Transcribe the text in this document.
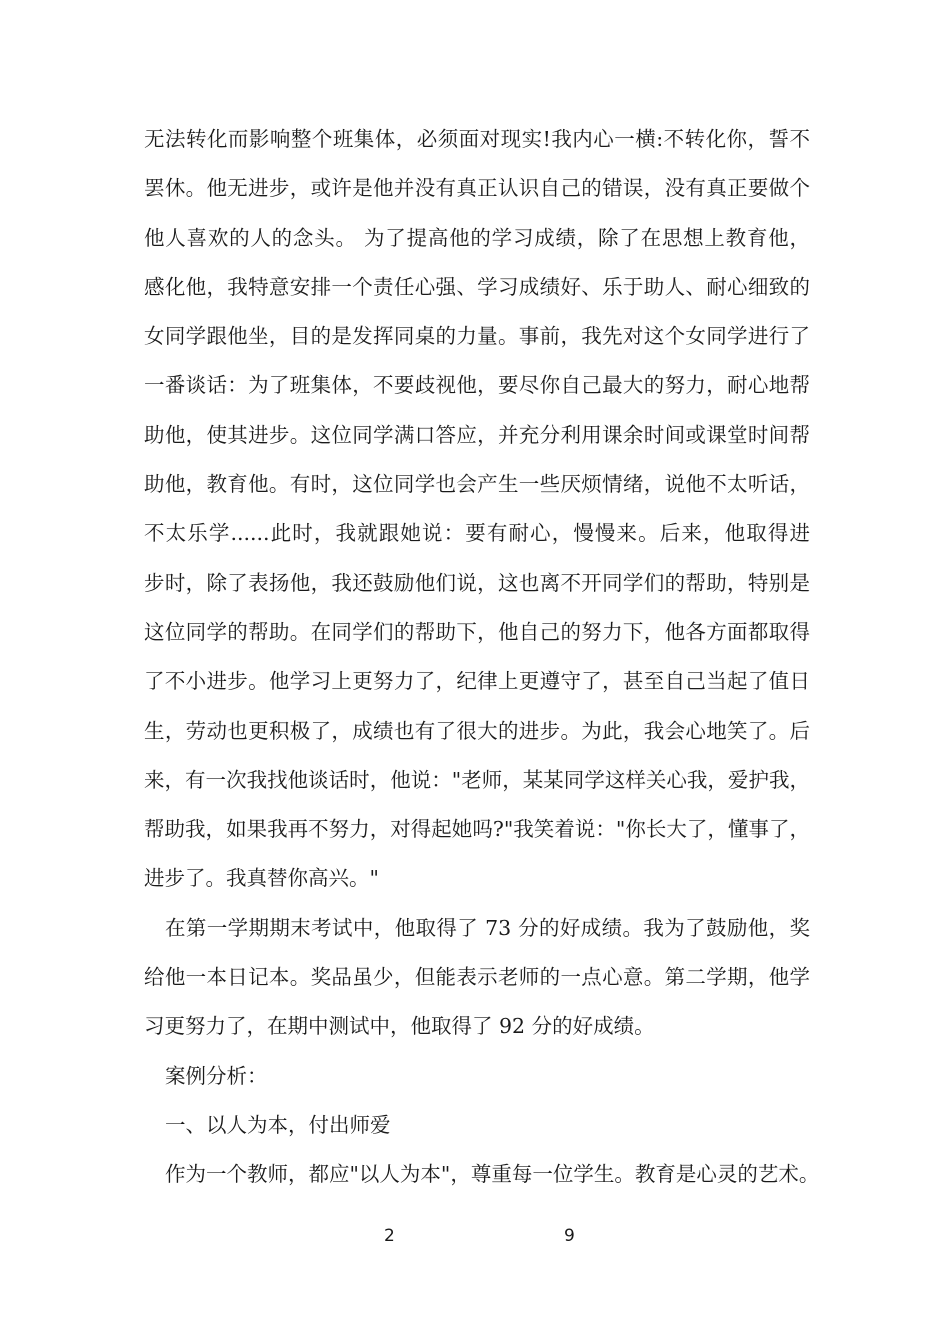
无法转化而影响整个班集体，必须面对现实!我内心一横:不转化你，誓不
罢休。他无进步，或许是他并没有真正认识自己的错误，没有真正要做个
他人喜欢的人的念头。 为了提高他的学习成绩，除了在思想上教育他，
感化他，我特意安排一个责任心强、学习成绩好、乐于助人、耐心细致的
女同学跟他坐，目的是发挥同桌的力量。事前，我先对这个女同学进行了
一番谈话：为了班集体，不要歧视他，要尽你自己最大的努力，耐心地帮
助他，使其进步。这位同学满口答应，并充分利用课余时间或课堂时间帮
助他，教育他。有时，这位同学也会产生一些厌烦情绪，说他不太听话，
不太乐学......此时，我就跟她说：要有耐心，慢慢来。后来，他取得进
步时，除了表扬他，我还鼓励他们说，这也离不开同学们的帮助，特别是
这位同学的帮助。在同学们的帮助下，他自己的努力下，他各方面都取得
了不小进步。他学习上更努力了，纪律上更遵守了，甚至自己当起了值日
生，劳动也更积极了，成绩也有了很大的进步。为此，我会心地笑了。后
来，有一次我找他谈话时，他说："老师，某某同学这样关心我，爱护我，
帮助我，如果我再不努力，对得起她吗?"我笑着说："你长大了，懂事了，
进步了。我真替你高兴。"
在第一学期期末考试中，他取得了 73 分的好成绩。我为了鼓励他，奖
给他一本日记本。奖品虽少，但能表示老师的一点心意。第二学期，他学
习更努力了，在期中测试中，他取得了 92 分的好成绩。
案例分析：
一、以人为本，付出师爱
作为一个教师，都应"以人为本"，尊重每一位学生。教育是心灵的艺术。
2	9
